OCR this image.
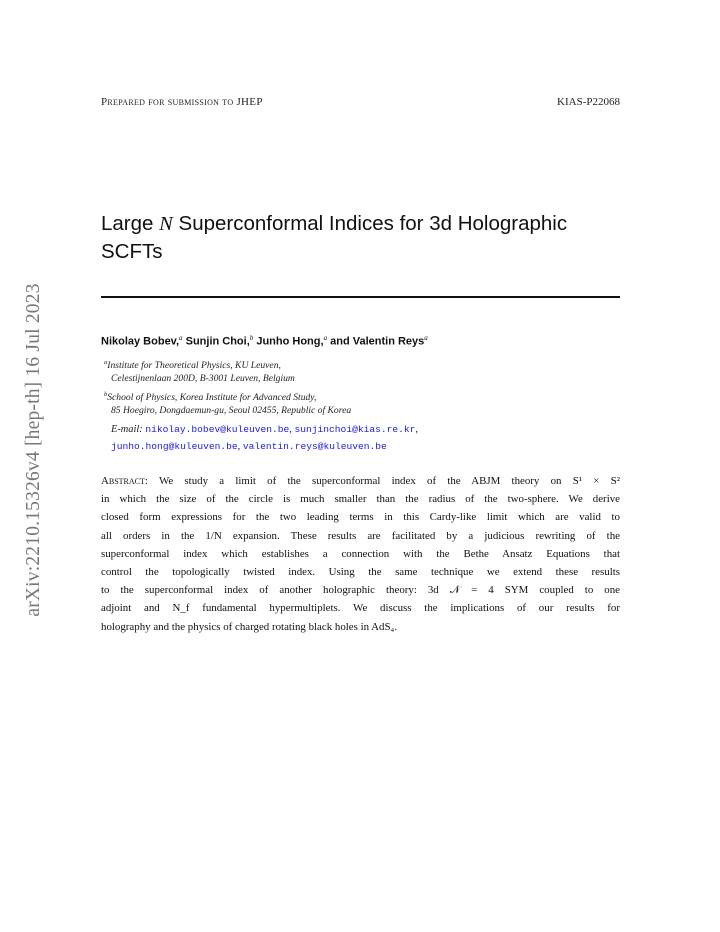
arXiv:2210.15326v4 [hep-th] 16 Jul 2023
Prepared for submission to JHEP	KIAS-P22068
Large N Superconformal Indices for 3d Holographic
SCFTs
Nikolay Bobev,$^a$ Sunjin Choi,$^b$ Junho Hong,$^a$ and Valentin Reys$^a$
$^a$Institute for Theoretical Physics, KU Leuven,
Celestijnenlaan 200D, B-3001 Leuven, Belgium
$^b$School of Physics, Korea Institute for Advanced Study,
85 Hoegiro, Dongdaemun-gu, Seoul 02455, Republic of Korea
E-mail: nikolay.bobev@kuleuven.be, sunjinchoi@kias.re.kr,
junho.hong@kuleuven.be, valentin.reys@kuleuven.be
Abstract: We study a limit of the superconformal index of the ABJM theory on S¹ × S²
in which the size of the circle is much smaller than the radius of the two-sphere. We derive
closed form expressions for the two leading terms in this Cardy-like limit which are valid to
all orders in the 1/N expansion. These results are facilitated by a judicious rewriting of the
superconformal index which establishes a connection with the Bethe Ansatz Equations that
control the topologically twisted index. Using the same technique we extend these results
to the superconformal index of another holographic theory: 3d 𝒩 = 4 SYM coupled to one
adjoint and N_f fundamental hypermultiplets. We discuss the implications of our results for
holography and the physics of charged rotating black holes in AdS₄.
